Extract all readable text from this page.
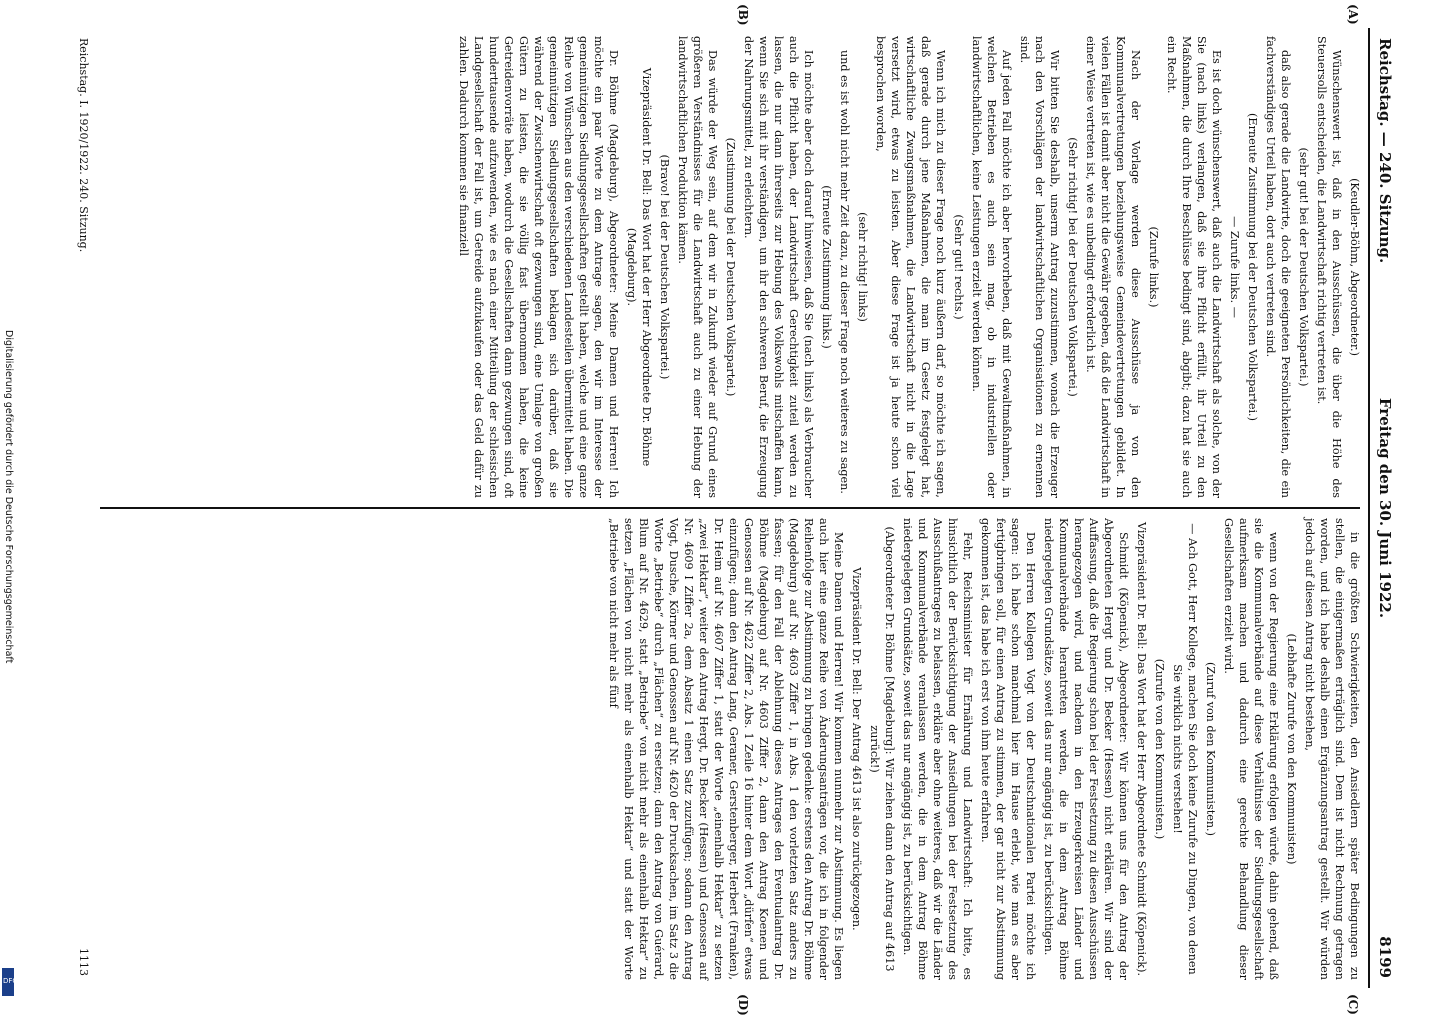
Reichstag. — 240. Sitzung.
Freitag den 30. Juni 1922.
8199

(Keudler-Böhm, Abgeordneter.)

Wünschenswert ist, daß in den Ausschüssen, die über die Höhe des Steuersolls entscheiden, die Landwirtschaft richtig vertreten ist.

(sehr gut! bei der Deutschen Volkspartei.)

daß also gerade die Landwirte, doch die geeigneten Persönlichkeiten, die ein fachverständiges Urteil haben, dort auch vertreten sind.

(Erneute Zustimmung bei der Deutschen Volkspartei.)

— Zurufe links. —

Es ist doch wünschenswert, daß auch die Landwirtschaft als solche, von der Sie (nach links) verlangen, daß sie ihre Pflicht erfüllt, ihr Urteil zu den Maßnahmen, die durch Ihre Beschlüsse bedingt sind, abgibt; dazu hat sie auch ein Recht.

(Zurufe links.)

Nach der Vorlage werden diese Ausschüsse ja von den Kommunalvertretungen beziehungsweise Gemeindevertretungen gebildet. In vielen Fällen ist damit aber nicht die Gewähr gegeben, daß die Landwirtschaft in einer Weise vertreten ist, wie es unbedingt erforderlich ist.

(Sehr richtig! bei der Deutschen Volkspartei.)

Wir bitten Sie deshalb, unserm Antrag zuzustimmen, wonach die Erzeuger nach den Vorschlägen der landwirtschaftlichen Organisationen zu ernennen sind.

Auf jeden Fall möchte ich aber hervorheben, daß mit Gewaltmaßnahmen, in welchen Betrieben es auch sein mag, ob in industriellen oder landwirtschaftlichen, keine Leistungen erzielt werden können.

(Sehr gut! rechts.)

Wenn ich mich zu dieser Frage noch kurz äußern darf, so möchte ich sagen, daß gerade durch jene Maßnahmen, die man im Gesetz festgelegt hat, wirtschaftliche Zwangsmaßnahmen, die Landwirtschaft nicht in die Lage versetzt wird, etwas zu leisten. Aber diese Frage ist ja heute schon viel besprochen worden,

(sehr richtig! links)

und es ist wohl nicht mehr Zeit dazu, zu dieser Frage noch weiteres zu sagen.

(Erneute Zustimmung links.)

Ich möchte aber doch darauf hinweisen, daß Sie (nach links) als Verbraucher auch die Pflicht haben, der Landwirtschaft Gerechtigkeit zuteil werden zu lassen, die nur dann ihrerseits zur Hebung des Volkswohls mitschaffen kann, wenn Sie sich mit ihr verständigen, um ihr den schweren Beruf, die Erzeugung der Nahrungsmittel, zu erleichtern.

(Zustimmung bei der Deutschen Volkspartei.)

Das würde der Weg sein, auf dem wir in Zukunft wieder auf Grund eines größeren Verständnisses für die Landwirtschaft auch zu einer Hebung der landwirtschaftlichen Produktion kämen.

(Bravo! bei der Deutschen Volkspartei.)

Vizepräsident Dr. Bell: Das Wort hat der Herr Abgeordnete Dr. Böhme (Magdeburg).

Dr. Böhme (Magdeburg), Abgeordneter: Meine Damen und Herren! Ich möchte ein paar Worte zu dem Antrage sagen, den wir im Interesse der gemeinnützigen Siedlungsgesellschaften gestellt haben, welche und eine ganze Reihe von Wünschen aus den verschiedenen Landesteilen übermittelt haben. Die gemeinnützigen Siedlungsgesellschaften beklagen sich darüber, daß sie während der Zwischenwirtschaft oft gezwungen sind, eine Umlage von großen Gütern zu leisten, die sie völlig fast übernommen haben, die keine Getreidenvorräte haben, wodurch die Gesellschaften dann gezwungen sind, oft hunderttausende aufzuwenden, wie es nach einer Mitteilung der schlesischen Landgesellschaft der Fall ist, um Getreide aufzukaufen oder das Geld dafür zu zahlen. Dadurch kommen sie finanziell

in die größten Schwierigkeiten, den Ansiedlern später Bedingungen zu stellen, die einigermaßen erträglich sind. Dem ist nicht Rechnung getragen worden, und ich habe deshalb einen Ergänzungsantrag gestellt. Wir würden jedoch auf diesen Antrag nicht bestehen,

(Lebhafte Zurufe von den Kommunisten)

wenn von der Regierung eine Erklärung erfolgen würde, dahin gehend, daß sie die Kommunalverbände auf diese Verhältnisse der Siedlungsgesellschaft aufmerksam machen und dadurch eine gerechte Behandlung dieser Gesellschaften erzielt wird.

(Zuruf von den Kommunisten.)

— Ach Gott, Herr Kollege, machen Sie doch keine Zurufe zu Dingen, von denen Sie wirklich nichts verstehen!

(Zurufe von den Kommunisten.)

Vizepräsident Dr. Bell: Das Wort hat der Herr Abgeordnete Schmidt (Köpenick).

Schmidt (Köpenick), Abgeordneter: Wir können uns für den Antrag der Abgeordneten Hergt und Dr. Becker (Hessen) nicht erklären. Wir sind der Auffassung, daß die Regierung schon bei der Festsetzung zu diesen Ausschüssen herangezogen wird, und nachdem in den Erzeugerkreisen Länder und Kommunalverbände herantreten werden, die in dem Antrag Böhme niedergelegten Grundsätze, soweit das nur angängig ist, zu berücksichtigen.

Den Herren Kollegen Vogt von der Deutschnationalen Partei möchte ich sagen: ich habe schon manchmal hier im Hause erlebt, wie man es aber fertigbringen soll, für einen Antrag zu stimmen, der gar nicht zur Abstimmung gekommen ist, das habe ich erst von ihm heute erfahren.

Fehr, Reichsminister für Ernährung und Landwirtschaft: Ich bitte, es hinsichtlich der Berücksichtigung der Ansiedlungen bei der Festsetzung des Ausschußantrages zu belassen, erkläre aber ohne weiteres, daß wir die Länder und Kommunalverbände veranlassen werden, die in dem Antrag Böhme niedergelegten Grundsätze, soweit das nur angängig ist, zu berücksichtigen.

(Abgeordneter Dr. Böhme [Magdeburg]: Wir ziehen dann den Antrag auf 4613 zurück!)

Vizepräsident Dr. Bell: Der Antrag 4613 ist also zurückgezogen.

Meine Damen und Herren! Wir kommen nunmehr zur Abstimmung. Es liegen auch hier eine ganze Reihe von Änderungsanträgen vor, die ich in folgender Reihenfolge zur Abstimmung zu bringen gedenke: erstens den Antrag Dr. Böhme (Magdeburg) auf Nr. 4603 Ziffer 1, in Abs. 1 den vorletzten Satz anders zu fassen; für den Fall der Ablehnung dieses Antrages den Eventualantrag Dr. Böhme (Magdeburg) auf Nr. 4603 Ziffer 2, dann den Antrag Koenen und Genossen auf Nr. 4622 Ziffer 2, Abs. 1 Zeile 16 hinter dem Wort „dürfen“ etwas einzufügen; dann den Antrag Lang, Geraner, Gerstenberger, Herbert (Franken), Dr. Heim auf Nr. 4607 Ziffer 1, statt der Worte „einenhalb Hektar“ zu setzen „zwei Hektar“, weiter den Antrag Hergt, Dr. Becker (Hessen) und Genossen auf Nr. 4609 I Ziffer 2a, dem Absatz 1 einen Satz zuzufügen; sodann den Antrag Vogt, Dusche, Körner und Genossen auf Nr. 4620 der Drucksachen, im Satz 3 die Worte „Betriebe“ durch „Flächen“ zu ersetzen; dann den Antrag von Guérard, Blum auf Nr. 4629, statt „Betriebe“ von nicht mehr als einenhalb Hektar“ zu setzen „Flächen von nicht mehr als einenhalb Hektar“ und statt der Worte „Betriebe von nicht mehr als fünf

(A)
(B)
(C)
(D)
Reichstag. I. 1920/1922. 240. Sitzung.
1113
Digitalisierung gefördert durch die Deutsche Forschungsgemeinschaft
DFG
